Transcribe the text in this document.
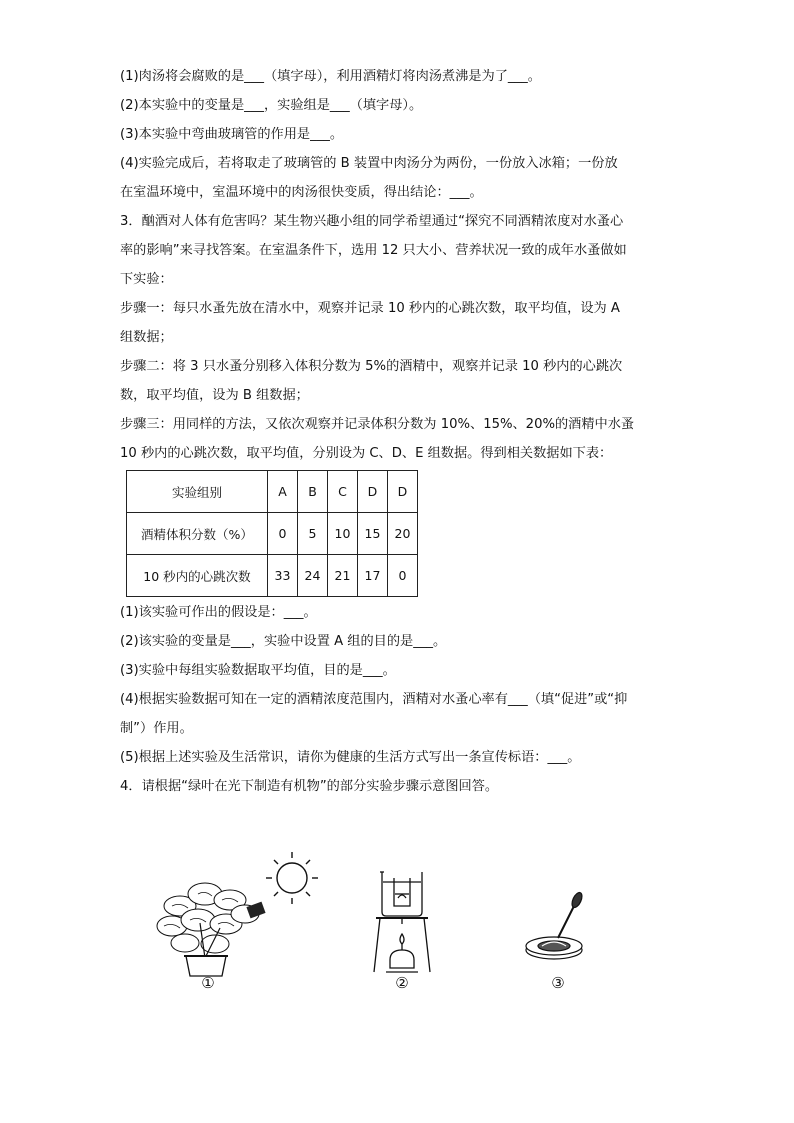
(1)肉汤将会腐败的是___（填字母），利用酒精灯将肉汤煮沸是为了___。
(2)本实验中的变量是___，实验组是___（填字母）。
(3)本实验中弯曲玻璃管的作用是___。
(4)实验完成后，若将取走了玻璃管的 B 装置中肉汤分为两份，一份放入冰箱；一份放
在室温环境中，室温环境中的肉汤很快变质，得出结论：___。
3．酗酒对人体有危害吗？某生物兴趣小组的同学希望通过“探究不同酒精浓度对水蚤心
率的影响”来寻找答案。在室温条件下，选用 12 只大小、营养状况一致的成年水蚤做如
下实验：
步骤一：每只水蚤先放在清水中，观察并记录 10 秒内的心跳次数，取平均值，设为 A
组数据；
步骤二：将 3 只水蚤分别移入体积分数为 5%的酒精中，观察并记录 10 秒内的心跳次
数，取平均值，设为 B 组数据；
步骤三：用同样的方法，又依次观察并记录体积分数为 10%、15%、20%的酒精中水蚤
10 秒内的心跳次数，取平均值，分别设为 C、D、E 组数据。得到相关数据如下表：
实验组别	A	B	C	D	D
酒精体积分数（%）	0	5	10	15	20
10 秒内的心跳次数	33	24	21	17	0
(1)该实验可作出的假设是：___。
(2)该实验的变量是___，实验中设置 A 组的目的是___。
(3)实验中每组实验数据取平均值，目的是___。
(4)根据实验数据可知在一定的酒精浓度范围内，酒精对水蚤心率有___（填“促进”或“抑
制”）作用。
(5)根据上述实验及生活常识，请你为健康的生活方式写出一条宣传标语：___。
4．请根据“绿叶在光下制造有机物”的部分实验步骤示意图回答。
①	②	③
